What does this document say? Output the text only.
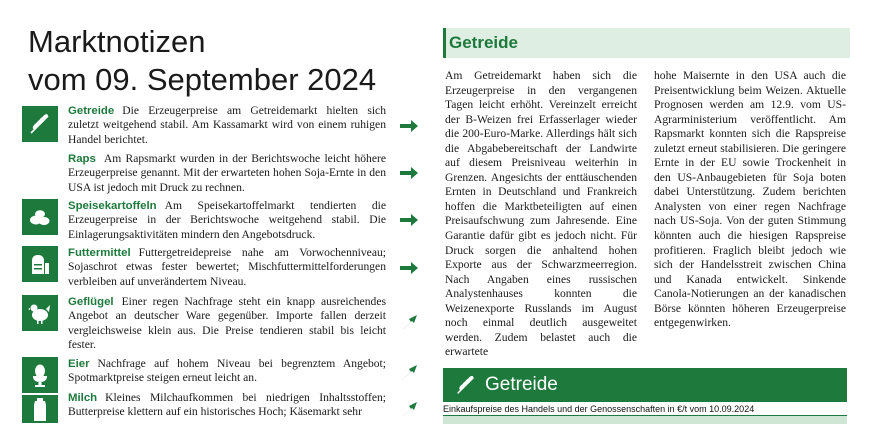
Marktnotizen
vom 09. September 2024
Getreide Die Erzeugerpreise am Getreidemarkt hielten sich zuletzt weitgehend stabil. Am Kassamarkt wird von einem ruhigen Handel berichtet.
Raps Am Rapsmarkt wurden in der Berichtswoche leicht höhere Erzeugerpreise genannt. Mit der erwarteten hohen Soja-Ernte in den USA ist jedoch mit Druck zu rechnen.
Speisekartoffeln Am Speisekartoffelmarkt tendierten die Erzeugerpreise in der Berichtswoche weitgehend stabil. Die Einlagerungsaktivitäten mindern den Angebotsdruck.
Futtermittel Futtergetreidepreise nahe am Vorwochenniveau; Sojaschrot etwas fester bewertet; Mischfuttermittelforderungen verbleiben auf unverändertem Niveau.
Geflügel Einer regen Nachfrage steht ein knapp ausreichendes Angebot an deutscher Ware gegenüber. Importe fallen derzeit vergleichsweise klein aus. Die Preise tendieren stabil bis leicht fester.
Eier Nachfrage auf hohem Niveau bei begrenztem Angebot; Spotmarktpreise steigen erneut leicht an.
Milch Kleines Milchaufkommen bei niedrigen Inhaltsstoffen; Butterpreise klettern auf ein historisches Hoch; Käsemarkt sehr
Getreide
Am Getreidemarkt haben sich die Erzeugerpreise in den vergangenen Tagen leicht erhöht. Vereinzelt erreicht der B-Weizen frei Erfasserlager wieder die 200-Euro-Marke. Allerdings hält sich die Abgabebereitschaft der Landwirte auf diesem Preisniveau weiterhin in Grenzen. Angesichts der enttäuschenden Ernten in Deutschland und Frankreich hoffen die Marktbeteiligten auf einen Preisaufschwung zum Jahresende. Eine Garantie dafür gibt es jedoch nicht. Für Druck sorgen die anhaltend hohen Exporte aus der Schwarzmeerregion. Nach Angaben eines russischen Analystenhauses konnten die Weizenexporte Russlands im August noch einmal deutlich ausgeweitet werden. Zudem belastet auch die erwartete
hohe Maisernte in den USA auch die Preisentwicklung beim Weizen. Aktuelle Prognosen werden am 12.9. vom US-Agrarministerium veröffentlicht. Am Rapsmarkt konnten sich die Rapspreise zuletzt erneut stabilisieren. Die geringere Ernte in der EU sowie Trockenheit in den US-Anbaugebieten für Soja boten dabei Unterstützung. Zudem berichten Analysten von einer regen Nachfrage nach US-Soja. Von der guten Stimmung könnten auch die hiesigen Rapspreise profitieren. Fraglich bleibt jedoch wie sich der Handelsstreit zwischen China und Kanada entwickelt. Sinkende Canola-Notierungen an der kanadischen Börse könnten höheren Erzeugerpreise entgegenwirken.
Getreide
Einkaufspreise des Handels und der Genossenschaften in €/t vom 10.09.2024
